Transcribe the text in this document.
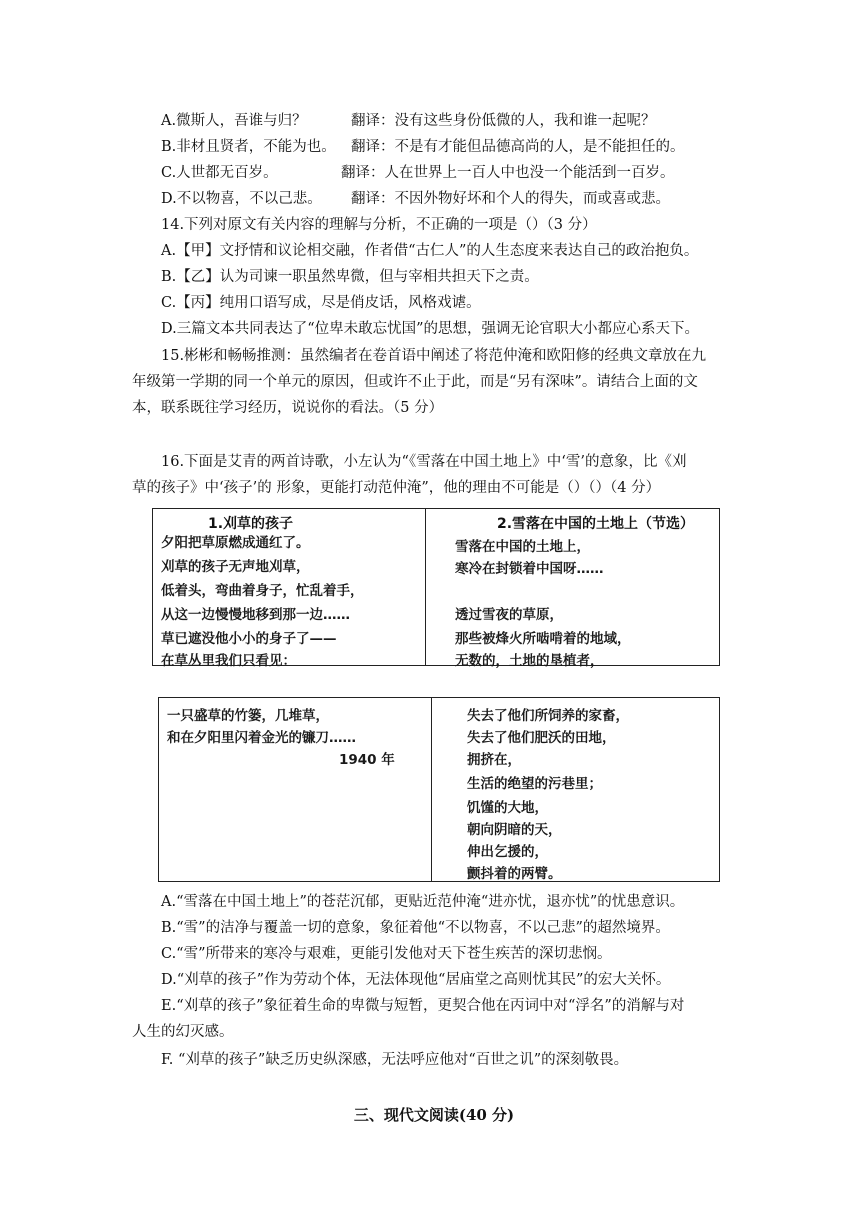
A.微斯人，吾谁与归？	翻译：没有这些身份低微的人，我和谁一起呢？
B.非材且贤者，不能为也。 翻译：不是有才能但品德高尚的人，是不能担任的。
C.人世都无百岁。	翻译：人在世界上一百人中也没一个能活到一百岁。
D.不以物喜，不以己悲。 翻译：不因外物好坏和个人的得失，而或喜或悲。
14.下列对原文有关内容的理解与分析，不正确的一项是（）（3 分）
A.【甲】文抒情和议论相交融，作者借“古仁人”的人生态度来表达自己的政治抱负。
B.【乙】认为司谏一职虽然卑微，但与宰相共担天下之责。
C.【丙】纯用口语写成，尽是俏皮话，风格戏谑。
D.三篇文本共同表达了“位卑未敢忘忧国”的思想，强调无论官职大小都应心系天下。
15.彬彬和畅畅推测：虽然编者在卷首语中阐述了将范仲淹和欧阳修的经典文章放在九
年级第一学期的同一个单元的原因，但或许不止于此，而是“另有深味”。请结合上面的文
本，联系既往学习经历，说说你的看法。（5 分）
16.下面是艾青的两首诗歌，小左认为“《雪落在中国土地上》中‘雪’的意象，比《刈
草的孩子》中‘孩子’的 形象，更能打动范仲淹”，他的理由不可能是（）（）（4 分）
1.刈草的孩子
夕阳把草原燃成通红了。
刈草的孩子无声地刈草，
低着头，弯曲着身子，忙乱着手，
从这一边慢慢地移到那一边……
草已遮没他小小的身子了——
在草丛里我们只看见：
2.雪落在中国的土地上（节选）
雪落在中国的土地上，
寒冷在封锁着中国呀……
透过雪夜的草原，
那些被烽火所啮啃着的地域，
无数的，土地的垦植者，
一只盛草的竹篓，几堆草，
和在夕阳里闪着金光的镰刀……
1940 年
失去了他们所饲养的家畜，
失去了他们肥沃的田地，
拥挤在，
生活的绝望的污巷里；
饥馑的大地，
朝向阴暗的天，
伸出乞援的，
颤抖着的两臂。
A.“雪落在中国土地上”的苍茫沉郁，更贴近范仲淹“进亦忧，退亦忧”的忧患意识。
B.“雪”的洁净与覆盖一切的意象，象征着他“不以物喜，不以己悲”的超然境界。
C.“雪”所带来的寒冷与艰难，更能引发他对天下苍生疾苦的深切悲悯。
D.“刈草的孩子”作为劳动个体，无法体现他“居庙堂之高则忧其民”的宏大关怀。
E.“刈草的孩子”象征着生命的卑微与短暂，更契合他在丙词中对“浮名”的消解与对
人生的幻灭感。
F. “刈草的孩子”缺乏历史纵深感，无法呼应他对“百世之讥”的深刻敬畏。
三、现代文阅读(40 分)
